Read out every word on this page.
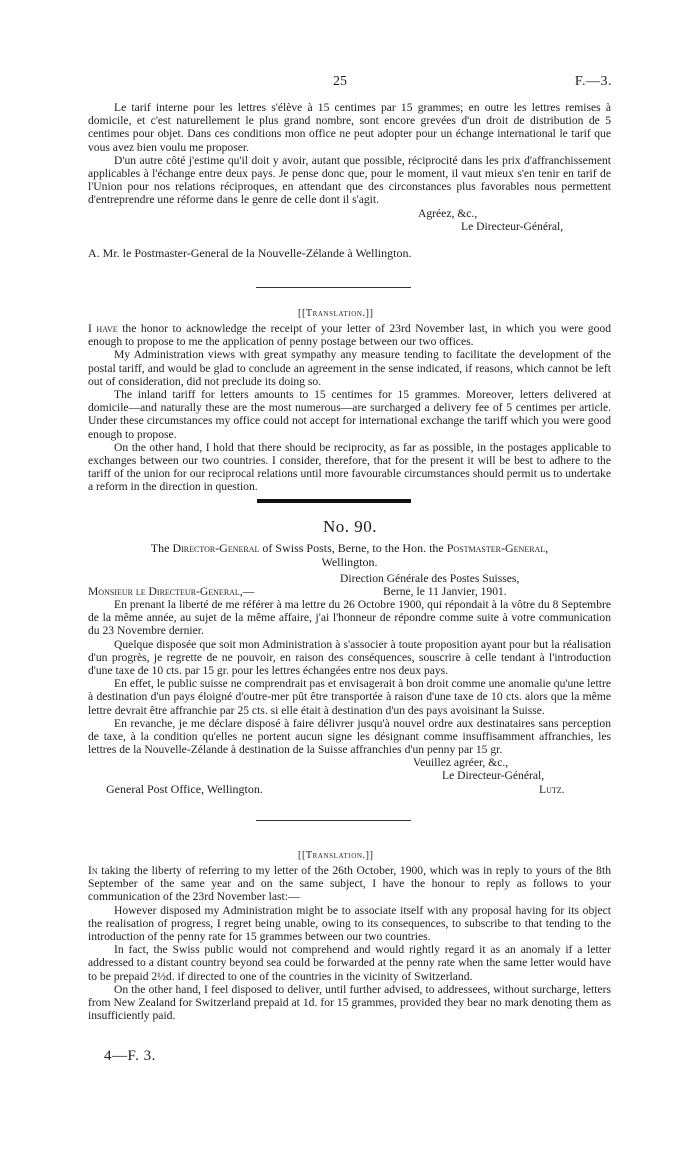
25	F.—3.

Le tarif interne pour les lettres s'élève à 15 centimes par 15 grammes; en outre les lettres remises à domicile, et c'est naturellement le plus grand nombre, sont encore grevées d'un droit de distribution de 5 centimes pour objet. Dans ces conditions mon office ne peut adopter pour un échange international le tarif que vous avez bien voulu me proposer.

D'un autre côté j'estime qu'il doit y avoir, autant que possible, réciprocité dans les prix d'affranchissement applicables à l'échange entre deux pays. Je pense donc que, pour le moment, il vaut mieux s'en tenir en tarif de l'Union pour nos relations réciproques, en attendant que des circonstances plus favorables nous permettent d'entreprendre une réforme dans le genre de celle dont il s'agit.

Agréez, &c.,
Le Directeur-Général,
A. Mr. le Postmaster-General de la Nouvelle-Zélande à Wellington.
[[Translation.]]

I have the honor to acknowledge the receipt of your letter of 23rd November last, in which you were good enough to propose to me the application of penny postage between our two offices.

My Administration views with great sympathy any measure tending to facilitate the development of the postal tariff, and would be glad to conclude an agreement in the sense indicated, if reasons, which cannot be left out of consideration, did not preclude its doing so.

The inland tariff for letters amounts to 15 centimes for 15 grammes. Moreover, letters delivered at domicile—and naturally these are the most numerous—are surcharged a delivery fee of 5 centimes per article. Under these circumstances my office could not accept for international exchange the tariff which you were good enough to propose.

On the other hand, I hold that there should be reciprocity, as far as possible, in the postages applicable to exchanges between our two countries. I consider, therefore, that for the present it will be best to adhere to the tariff of the union for our reciprocal relations until more favourable circumstances should permit us to undertake a reform in the direction in question.

No. 90.
The Director-General of Swiss Posts, Berne, to the Hon. the Postmaster-General,
Wellington.
Direction Générale des Postes Suisses,
Monsieur le Directeur-General,—	Berne, le 11 Janvier, 1901.

En prenant la liberté de me référer à ma lettre du 26 Octobre 1900, qui répondait à la vôtre du 8 Septembre de la même année, au sujet de la même affaire, j'ai l'honneur de répondre comme suite à votre communication du 23 Novembre dernier.

Quelque disposée que soit mon Administration à s'associer à toute proposition ayant pour but la réalisation d'un progrès, je regrette de ne pouvoir, en raison des conséquences, souscrire à celle tendant à l'introduction d'une taxe de 10 cts. par 15 gr. pour les lettres échangées entre nos deux pays.

En effet, le public suisse ne comprendrait pas et envisagerait à bon droit comme une anomalie qu'une lettre à destination d'un pays éloigné d'outre-mer pût être transportée à raison d'une taxe de 10 cts. alors que la même lettre devrait être affranchie par 25 cts. si elle était à destination d'un des pays avoisinant la Suisse.

En revanche, je me déclare disposé à faire délivrer jusqu'à nouvel ordre aux destinataires sans perception de taxe, à la condition qu'elles ne portent aucun signe les désignant comme insuffisamment affranchies, les lettres de la Nouvelle-Zélande à destination de la Suisse affranchies d'un penny par 15 gr.

Veuillez agréer, &c.,
Le Directeur-Général,
General Post Office, Wellington.	Lutz.
[[Translation.]]

In taking the liberty of referring to my letter of the 26th October, 1900, which was in reply to yours of the 8th September of the same year and on the same subject, I have the honour to reply as follows to your communication of the 23rd November last:—

However disposed my Administration might be to associate itself with any proposal having for its object the realisation of progress, I regret being unable, owing to its consequences, to subscribe to that tending to the introduction of the penny rate for 15 grammes between our two countries.

In fact, the Swiss public would not comprehend and would rightly regard it as an anomaly if a letter addressed to a distant country beyond sea could be forwarded at the penny rate when the same letter would have to be prepaid 2½d. if directed to one of the countries in the vicinity of Switzerland.

On the other hand, I feel disposed to deliver, until further advised, to addressees, without surcharge, letters from New Zealand for Switzerland prepaid at 1d. for 15 grammes, provided they bear no mark denoting them as insufficiently paid.

4—F. 3.
